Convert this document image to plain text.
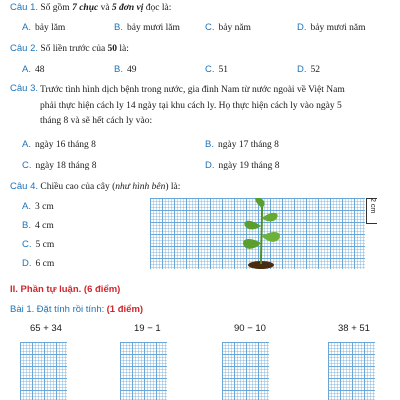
Câu 1. Số gồm 7 chục và 5 đơn vị đọc là:
A. bảy lăm	B. bảy mươi lăm	C. bảy năm	D. bảy mươi năm
Câu 2. Số liền trước của 50 là:
A. 48	B. 49	C. 51	D. 52
Câu 3. Trước tình hình dịch bệnh trong nước, gia đình Nam từ nước ngoài về Việt Nam
phải thực hiện cách ly 14 ngày tại khu cách ly. Họ thực hiện cách ly vào ngày 5
tháng 8 và sẽ hết cách ly vào:
A. ngày 16 tháng 8	B. ngày 17 tháng 8
C. ngày 18 tháng 8	D. ngày 19 tháng 8
Câu 4. Chiều cao của cây (như hình bên) là:
A. 3 cm
B. 4 cm
C. 5 cm
D. 6 cm
2 cm
II. Phần tự luận. (6 điểm)
Bài 1. Đặt tính rồi tính: (1 điểm)
65 + 34	19 − 1	90 − 10	38 + 51
